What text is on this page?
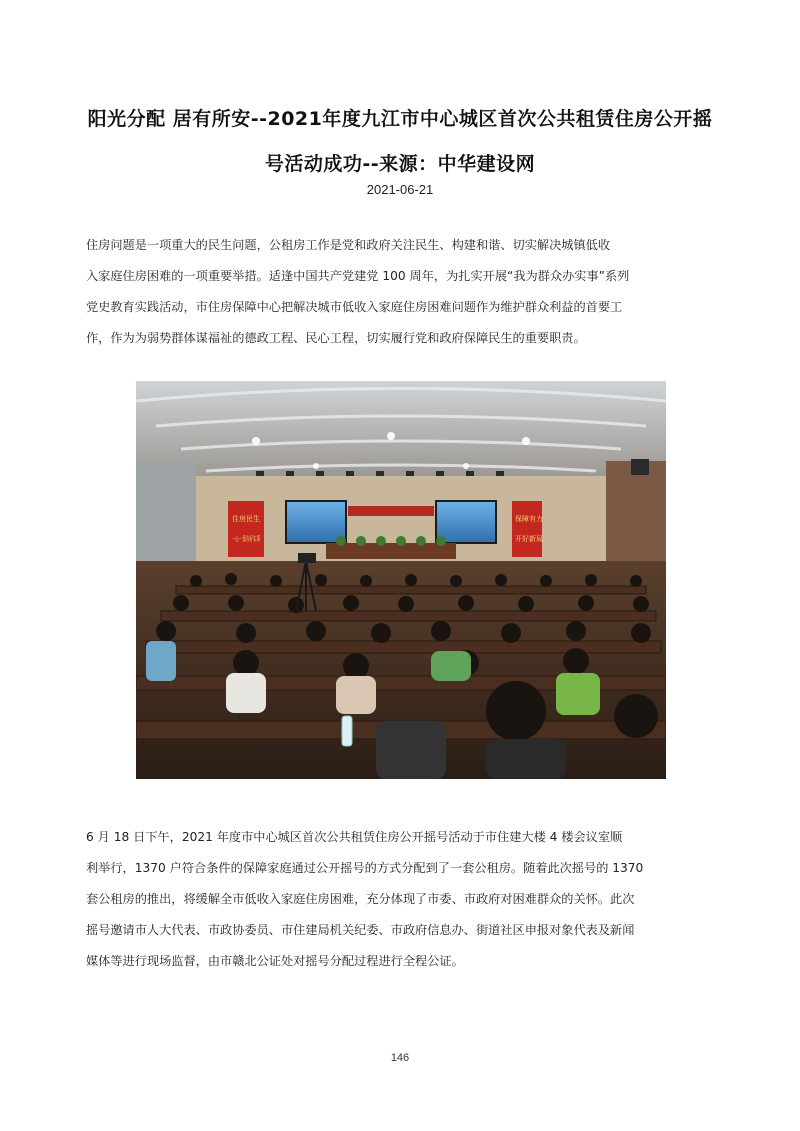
阳光分配 居有所安--2021年度九江市中心城区首次公共租赁住房公开摇
号活动成功--来源：中华建设网
2021-06-21
住房问题是一项重大的民生问题，公租房工作是党和政府关注民生、构建和谐、切实解决城镇低收
入家庭住房困难的一项重要举措。适逢中国共产党建党 100 周年，为扎实开展“我为群众办实事”系列
党史教育实践活动，市住房保障中心把解决城市低收入家庭住房困难问题作为维护群众利益的首要工
作，作为为弱势群体谋福祉的德政工程、民心工程，切实履行党和政府保障民生的重要职责。
住房民生	保障有力
开好新局
6 月 18 日下午，2021 年度市中心城区首次公共租赁住房公开摇号活动于市住建大楼 4 楼会议室顺
利举行，1370 户符合条件的保障家庭通过公开摇号的方式分配到了一套公租房。随着此次摇号的 1370
套公租房的推出，将缓解全市低收入家庭住房困难，充分体现了市委、市政府对困难群众的关怀。此次
摇号邀请市人大代表、市政协委员、市住建局机关纪委、市政府信息办、街道社区申报对象代表及新闻
媒体等进行现场监督，由市赣北公证处对摇号分配过程进行全程公证。
146
